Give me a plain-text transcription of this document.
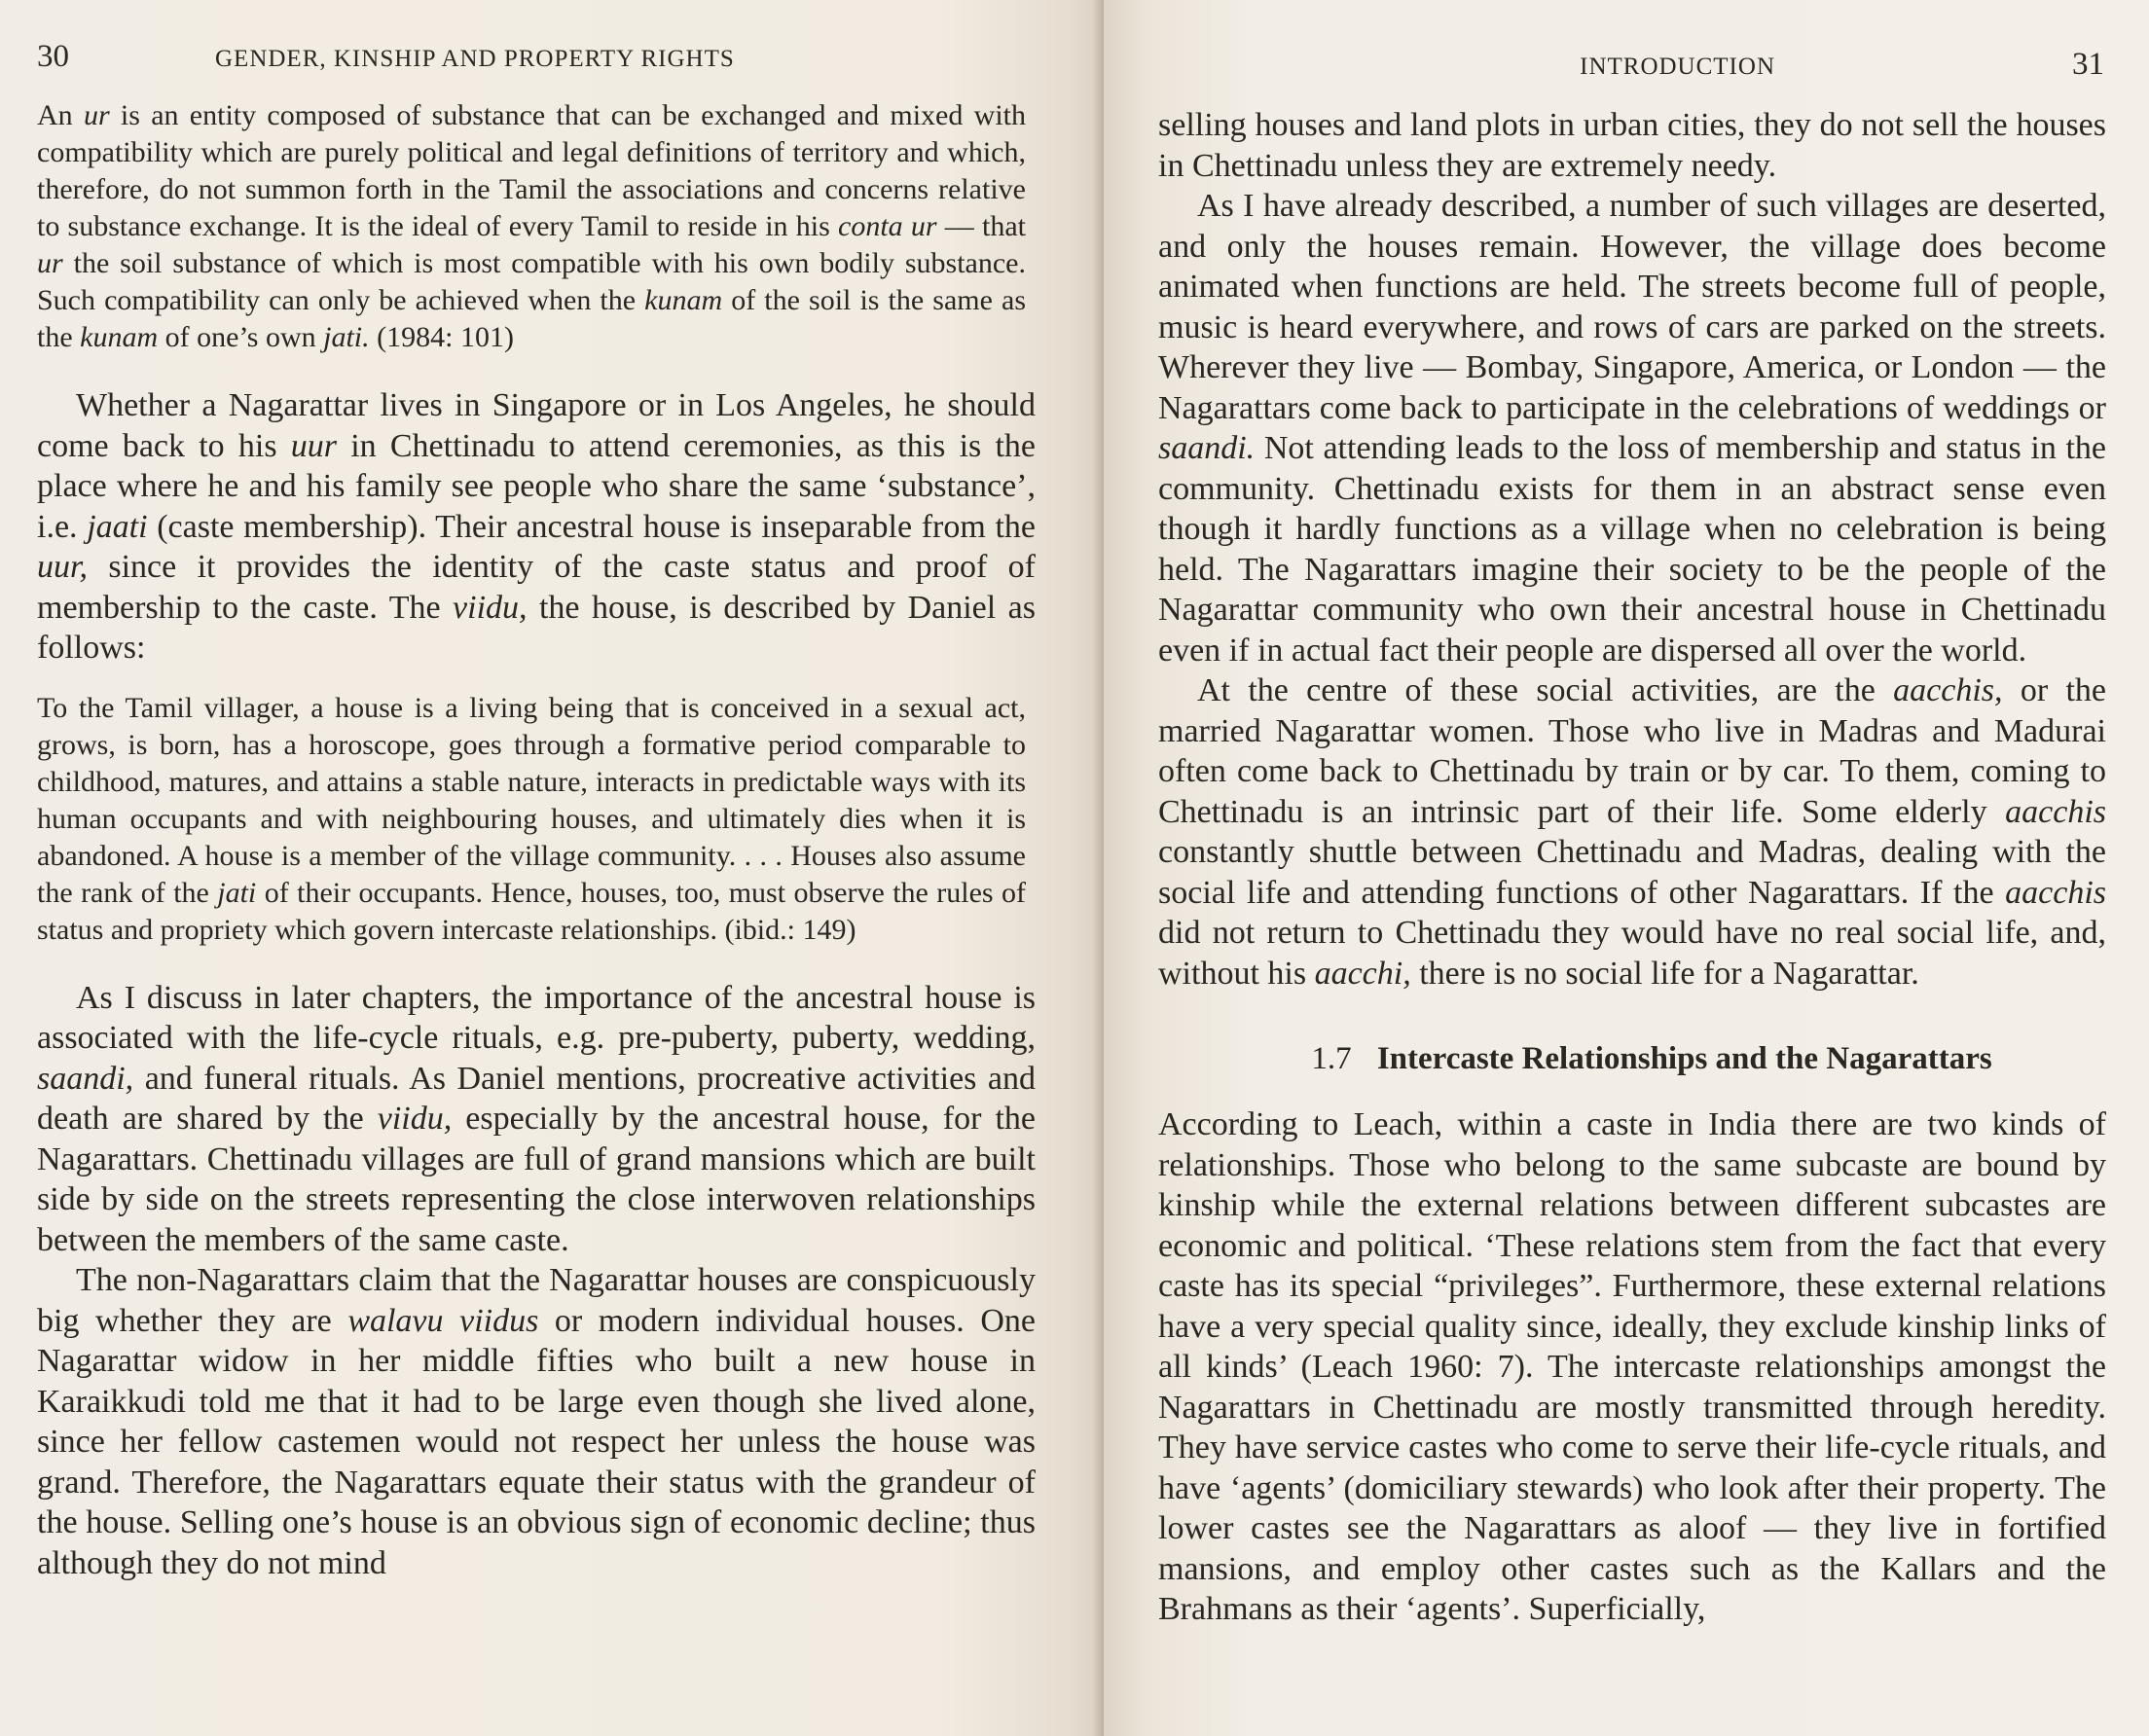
30	GENDER, KINSHIP AND PROPERTY RIGHTS

An ur is an entity composed of substance that can be exchanged and mixed with compatibility which are purely political and legal definitions of territory and which, therefore, do not summon forth in the Tamil the associations and concerns relative to substance exchange. It is the ideal of every Tamil to reside in his conta ur — that ur the soil substance of which is most compatible with his own bodily substance. Such compatibility can only be achieved when the kunam of the soil is the same as the kunam of one’s own jati. (1984: 101)

Whether a Nagarattar lives in Singapore or in Los Angeles, he should come back to his uur in Chettinadu to attend ceremonies, as this is the place where he and his family see people who share the same ‘substance’, i.e. jaati (caste membership). Their ancestral house is inseparable from the uur, since it provides the identity of the caste status and proof of membership to the caste. The viidu, the house, is described by Daniel as follows:

To the Tamil villager, a house is a living being that is conceived in a sexual act, grows, is born, has a horoscope, goes through a formative period comparable to childhood, matures, and attains a stable nature, interacts in predictable ways with its human occupants and with neighbouring houses, and ultimately dies when it is abandoned. A house is a member of the village community. . . . Houses also assume the rank of the jati of their occupants. Hence, houses, too, must observe the rules of status and propriety which govern intercaste relationships. (ibid.: 149)

As I discuss in later chapters, the importance of the ancestral house is associated with the life-cycle rituals, e.g. pre-puberty, puberty, wedding, saandi, and funeral rituals. As Daniel mentions, procreative activities and death are shared by the viidu, especially by the ancestral house, for the Nagarattars. Chettinadu villages are full of grand mansions which are built side by side on the streets representing the close interwoven relationships between the members of the same caste.

The non-Nagarattars claim that the Nagarattar houses are conspicuously big whether they are walavu viidus or modern individual houses. One Nagarattar widow in her middle fifties who built a new house in Karaikkudi told me that it had to be large even though she lived alone, since her fellow castemen would not respect her unless the house was grand. Therefore, the Nagarattars equate their status with the grandeur of the house. Selling one’s house is an obvious sign of economic decline; thus although they do not mind

INTRODUCTION	31

selling houses and land plots in urban cities, they do not sell the houses in Chettinadu unless they are extremely needy.

As I have already described, a number of such villages are deserted, and only the houses remain. However, the village does become animated when functions are held. The streets become full of people, music is heard everywhere, and rows of cars are parked on the streets. Wherever they live — Bombay, Singapore, America, or London — the Nagarattars come back to participate in the celebrations of weddings or saandi. Not attending leads to the loss of membership and status in the community. Chettinadu exists for them in an abstract sense even though it hardly functions as a village when no celebration is being held. The Nagarattars imagine their society to be the people of the Nagarattar community who own their ancestral house in Chettinadu even if in actual fact their people are dispersed all over the world.

At the centre of these social activities, are the aacchis, or the married Nagarattar women. Those who live in Madras and Madurai often come back to Chettinadu by train or by car. To them, coming to Chettinadu is an intrinsic part of their life. Some elderly aacchis constantly shuttle between Chettinadu and Madras, dealing with the social life and attending functions of other Nagarattars. If the aacchis did not return to Chettinadu they would have no real social life, and, without his aacchi, there is no social life for a Nagarattar.

1.7 Intercaste Relationships and the Nagarattars

According to Leach, within a caste in India there are two kinds of relationships. Those who belong to the same subcaste are bound by kinship while the external relations between different subcastes are economic and political. ‘These relations stem from the fact that every caste has its special “privileges”. Furthermore, these external relations have a very special quality since, ideally, they exclude kinship links of all kinds’ (Leach 1960: 7). The intercaste relationships amongst the Nagarattars in Chettinadu are mostly transmitted through heredity. They have service castes who come to serve their life-cycle rituals, and have ‘agents’ (domiciliary stewards) who look after their property. The lower castes see the Nagarattars as aloof — they live in fortified mansions, and employ other castes such as the Kallars and the Brahmans as their ‘agents’. Superficially,
